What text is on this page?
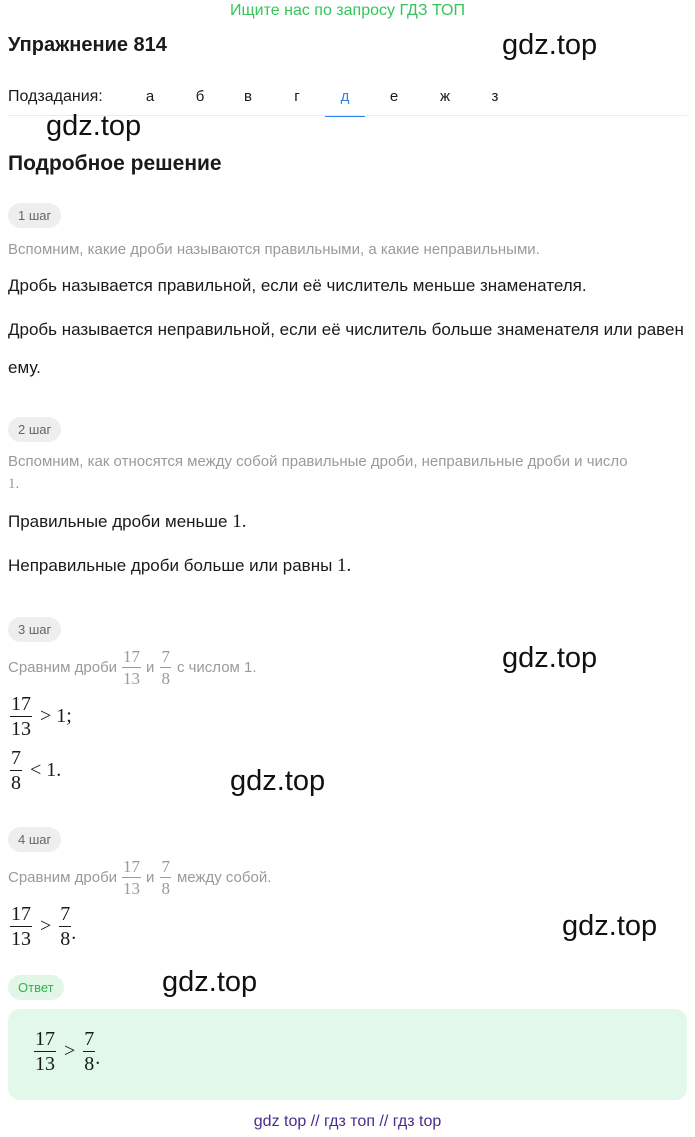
Ищите нас по запросу ГДЗ ТОП
Упражнение 814
Подзадания:	а	б	в	г	д	е	ж	з
Подробное решение
1 шаг
Вспомним, какие дроби называются правильными, а какие неправильными.
Дробь называется правильной, если её числитель меньше знаменателя.
Дробь называется неправильной, если её числитель больше знаменателя или равен ему.
2 шаг
Вспомним, как относятся между собой правильные дроби, неправильные дроби и число
1.
Правильные дроби меньше 1.
Неправильные дроби больше или равны 1.
3 шаг
Сравним дроби $\frac{17}{13}$ и $\frac{7}{8}$ с числом 1.
$\frac{17}{13} > 1$;
$\frac{7}{8} < 1$.
4 шаг
Сравним дроби $\frac{17}{13}$ и $\frac{7}{8}$ между собой.
$\frac{17}{13} > \frac{7}{8}$ .
Ответ
$\frac{17}{13} > \frac{7}{8}$ .
gdz.top
gdz.top
gdz.top
gdz.top
gdz.top
gdz.top
gdz top // гдз топ // гдз top
